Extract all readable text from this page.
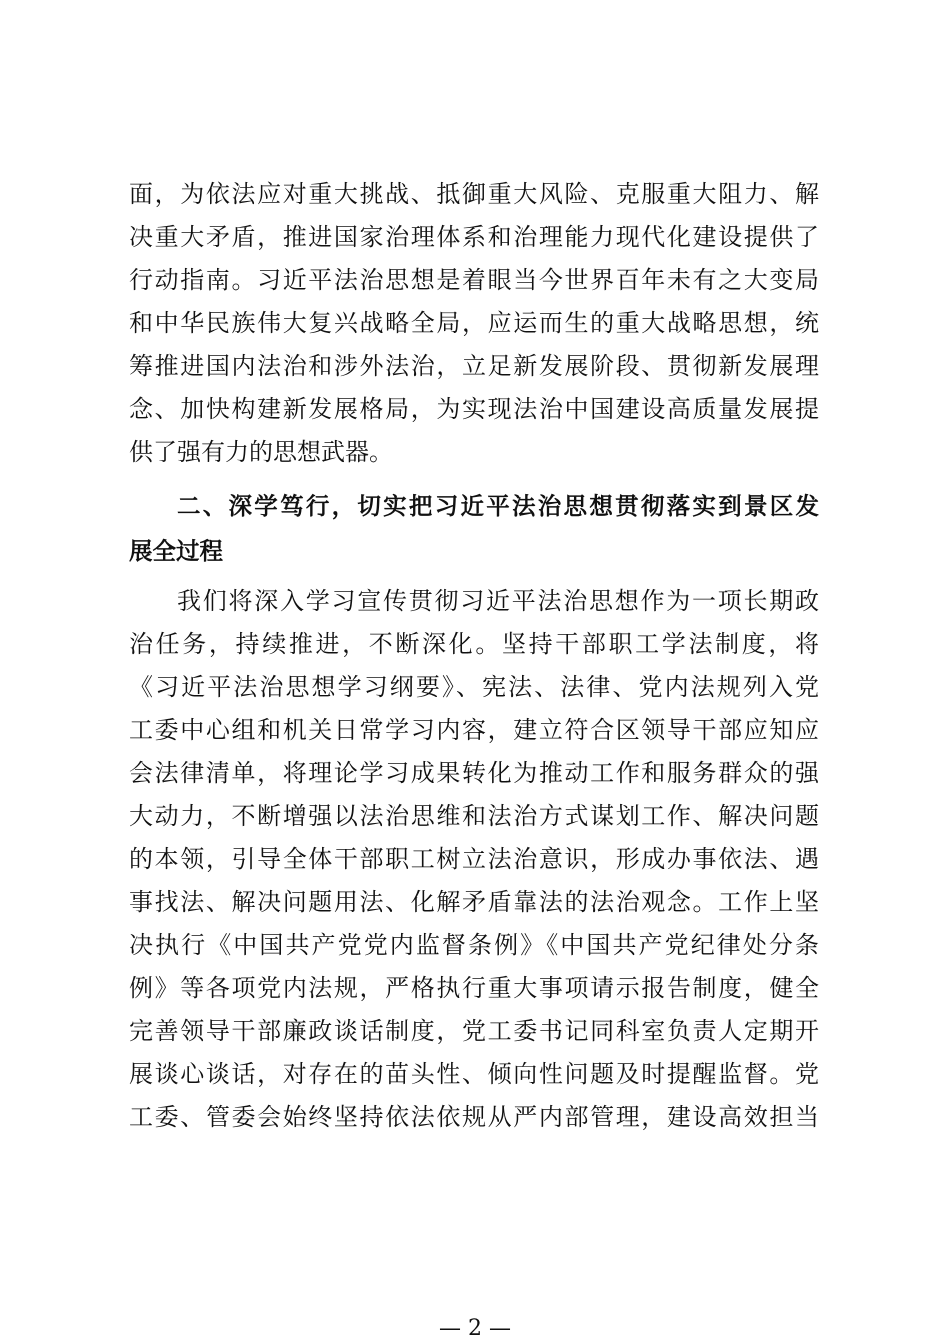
面，为依法应对重大挑战、抵御重大风险、克服重大阻力、解
决重大矛盾，推进国家治理体系和治理能力现代化建设提供了
行动指南。习近平法治思想是着眼当今世界百年未有之大变局
和中华民族伟大复兴战略全局，应运而生的重大战略思想，统
筹推进国内法治和涉外法治，立足新发展阶段、贯彻新发展理
念、加快构建新发展格局，为实现法治中国建设高质量发展提
供了强有力的思想武器。
二、深学笃行，切实把习近平法治思想贯彻落实到景区发
展全过程
我们将深入学习宣传贯彻习近平法治思想作为一项长期政
治任务，持续推进，不断深化。坚持干部职工学法制度，将
《习近平法治思想学习纲要》、宪法、法律、党内法规列入党
工委中心组和机关日常学习内容，建立符合区领导干部应知应
会法律清单，将理论学习成果转化为推动工作和服务群众的强
大动力，不断增强以法治思维和法治方式谋划工作、解决问题
的本领，引导全体干部职工树立法治意识，形成办事依法、遇
事找法、解决问题用法、化解矛盾靠法的法治观念。工作上坚
决执行《中国共产党党内监督条例》《中国共产党纪律处分条
例》等各项党内法规，严格执行重大事项请示报告制度，健全
完善领导干部廉政谈话制度，党工委书记同科室负责人定期开
展谈心谈话，对存在的苗头性、倾向性问题及时提醒监督。党
工委、管委会始终坚持依法依规从严内部管理，建设高效担当
— 2 —
